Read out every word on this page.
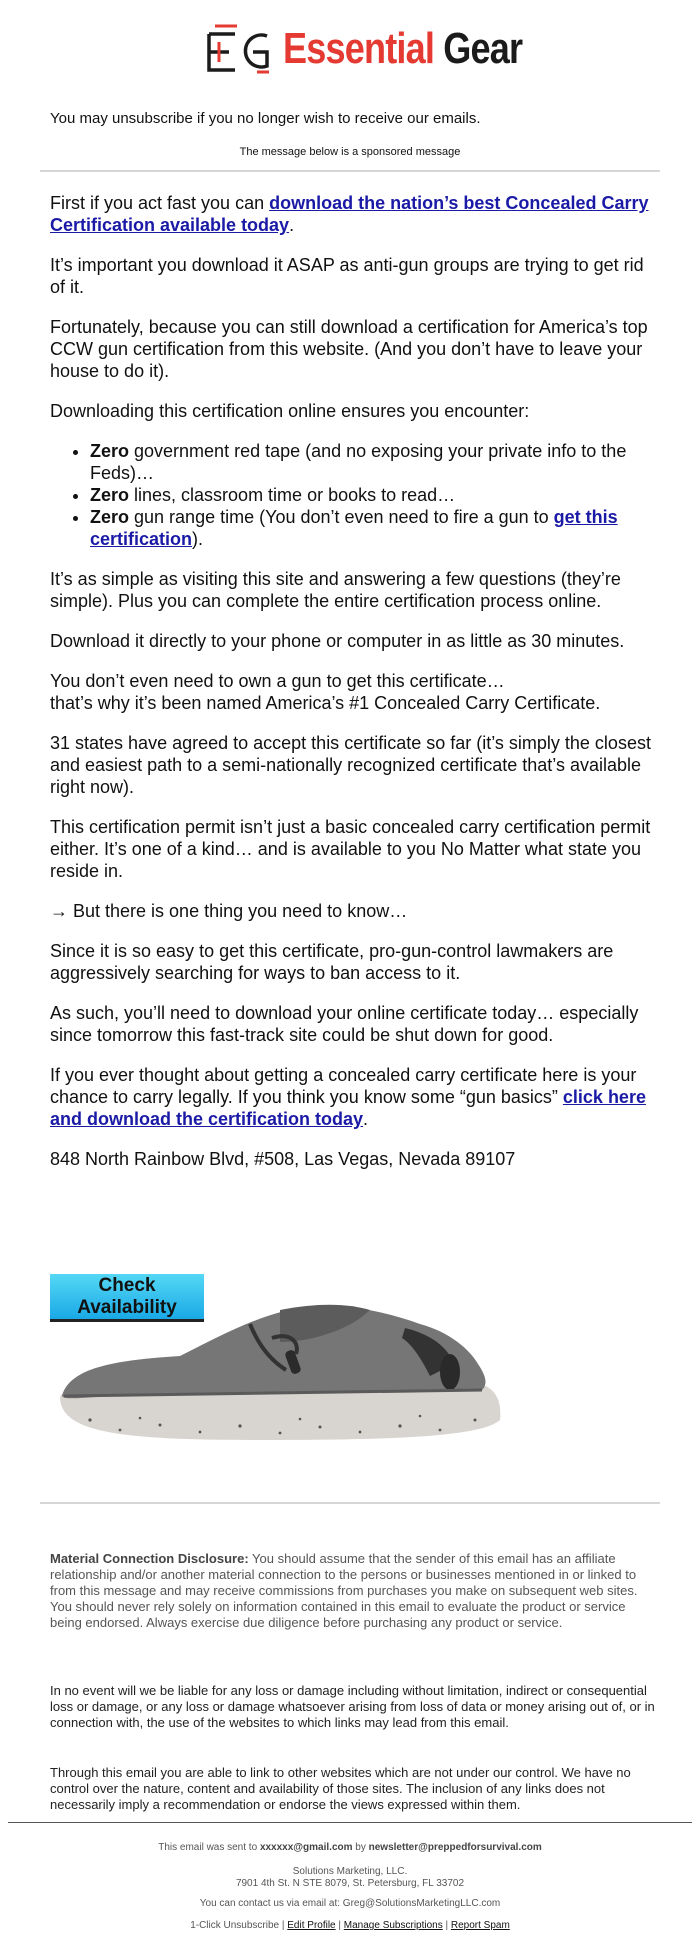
Essential Gear
You may unsubscribe if you no longer wish to receive our emails.
The message below is a sponsored message

First if you act fast you can download the nation’s best Concealed Carry Certification available today.

It’s important you download it ASAP as anti-gun groups are trying to get rid of it.

Fortunately, because you can still download a certification for America’s top CCW gun certification from this website. (And you don’t have to leave your house to do it).

Downloading this certification online ensures you encounter:

• Zero government red tape (and no exposing your private info to the Feds)…
• Zero lines, classroom time or books to read…
• Zero gun range time (You don’t even need to fire a gun to get this certification).

It’s as simple as visiting this site and answering a few questions (they’re simple). Plus you can complete the entire certification process online.

Download it directly to your phone or computer in as little as 30 minutes.

You don’t even need to own a gun to get this certificate…
that’s why it’s been named America’s #1 Concealed Carry Certificate.

31 states have agreed to accept this certificate so far (it’s simply the closest and easiest path to a semi-nationally recognized certificate that’s available right now).

This certification permit isn’t just a basic concealed carry certification permit either. It’s one of a kind… and is available to you No Matter what state you reside in.

→ But there is one thing you need to know…

Since it is so easy to get this certificate, pro-gun-control lawmakers are aggressively searching for ways to ban access to it.

As such, you’ll need to download your online certificate today… especially since tomorrow this fast-track site could be shut down for good.

If you ever thought about getting a concealed carry certificate here is your chance to carry legally. If you think you know some “gun basics” click here and download the certification today.

848 North Rainbow Blvd, #508, Las Vegas, Nevada 89107

Check Availability
Material Connection Disclosure: You should assume that the sender of this email has an affiliate relationship and/or another material connection to the persons or businesses mentioned in or linked to from this message and may receive commissions from purchases you make on subsequent web sites. You should never rely solely on information contained in this email to evaluate the product or service being endorsed. Always exercise due diligence before purchasing any product or service.
In no event will we be liable for any loss or damage including without limitation, indirect or consequential loss or damage, or any loss or damage whatsoever arising from loss of data or money arising out of, or in connection with, the use of the websites to which links may lead from this email.
Through this email you are able to link to other websites which are not under our control. We have no control over the nature, content and availability of those sites. The inclusion of any links does not necessarily imply a recommendation or endorse the views expressed within them.
This email was sent to xxxxxx@gmail.com by newsletter@preppedforsurvival.com
Solutions Marketing, LLC.
7901 4th St. N STE 8079, St. Petersburg, FL 33702
You can contact us via email at: Greg@SolutionsMarketingLLC.com
1-Click Unsubscribe | Edit Profile | Manage Subscriptions | Report Spam
